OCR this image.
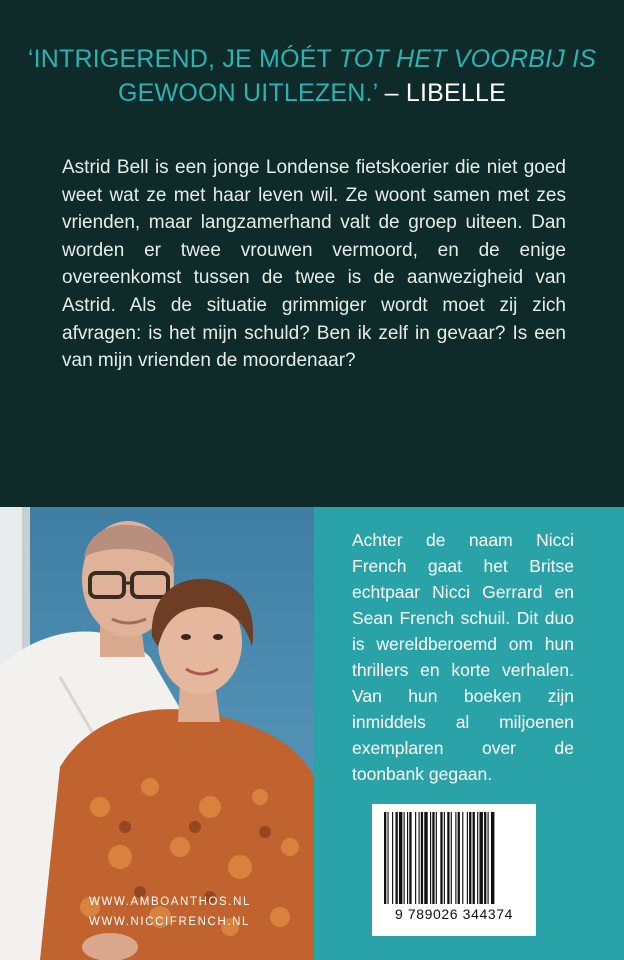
‘INTRIGEREND, JE MÓÉT TOT HET VOORBIJ IS
GEWOON UITLEZEN.’ – LIBELLE
Astrid Bell is een jonge Londense fietskoerier die niet goed weet wat ze met haar leven wil. Ze woont samen met zes vrienden, maar langzamerhand valt de groep uiteen. Dan worden er twee vrouwen vermoord, en de enige overeenkomst tussen de twee is de aanwezigheid van Astrid. Als de situatie grimmiger wordt moet zij zich afvragen: is het mijn schuld? Ben ik zelf in gevaar? Is een van mijn vrienden de moordenaar?
Achter de naam Nicci French gaat het Britse echtpaar Nicci Gerrard en Sean French schuil. Dit duo is wereldberoemd om hun thrillers en korte verhalen. Van hun boeken zijn inmiddels al miljoenen exemplaren over de toonbank gegaan.
9 789026 344374
WWW.AMBOANTHOS.NL
WWW.NICCIFRENCH.NL
